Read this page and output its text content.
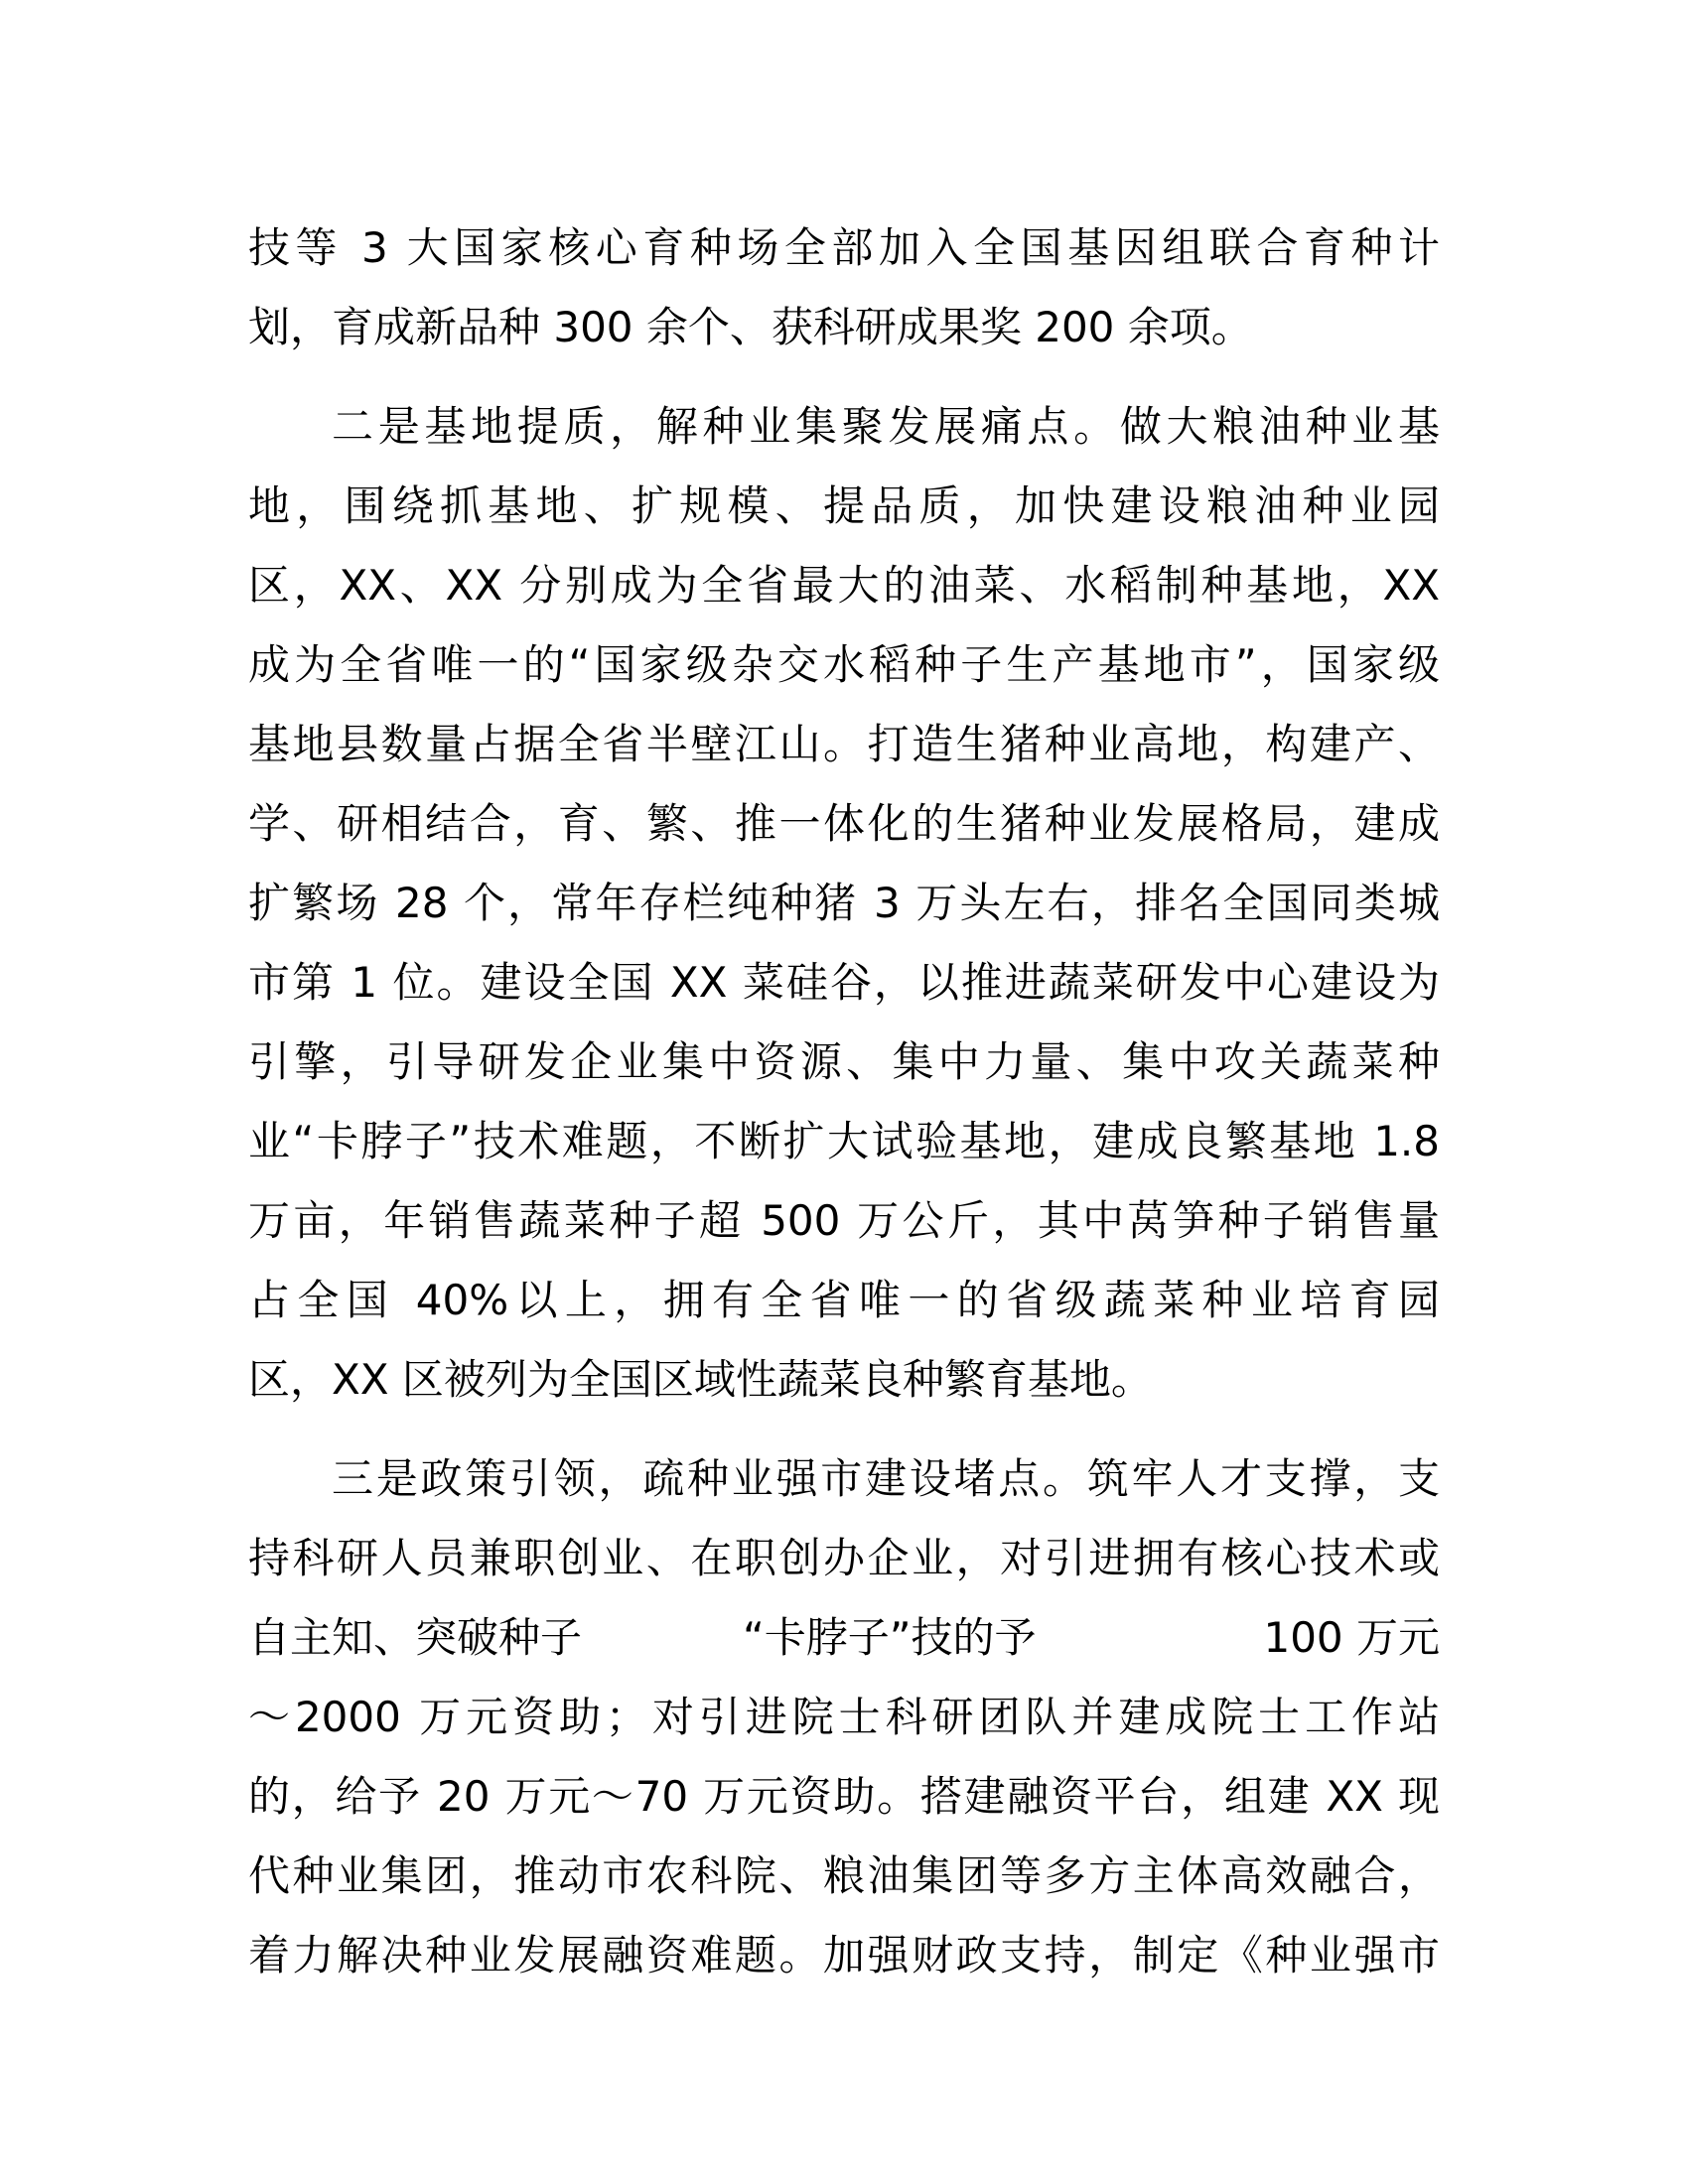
技等 3 大国家核心育种场全部加入全国基因组联合育种计
划，育成新品种 300 余个、获科研成果奖 200 余项。
二是基地提质，解种业集聚发展痛点。做大粮油种业基
地，围绕抓基地、扩规模、提品质，加快建设粮油种业园
区，XX、XX 分别成为全省最大的油菜、水稻制种基地，XX
成为全省唯一的“国家级杂交水稻种子生产基地市”，国家级
基地县数量占据全省半壁江山。打造生猪种业高地，构建产、
学、研相结合，育、繁、推一体化的生猪种业发展格局，建成
扩繁场 28 个，常年存栏纯种猪 3 万头左右，排名全国同类城
市第 1 位。建设全国 XX 菜硅谷，以推进蔬菜研发中心建设为
引擎，引导研发企业集中资源、集中力量、集中攻关蔬菜种
业“卡脖子”技术难题，不断扩大试验基地，建成良繁基地 1.8
万亩，年销售蔬菜种子超 500 万公斤，其中莴笋种子销售量
占全国 40%以上，拥有全省唯一的省级蔬菜种业培育园
区，XX 区被列为全国区域性蔬菜良种繁育基地。
三是政策引领，疏种业强市建设堵点。筑牢人才支撑，支
持科研人员兼职创业、在职创办企业，对引进拥有核心技术或
自主知、突破种子	“卡脖子”技的予	100 万元
～2000 万元资助；对引进院士科研团队并建成院士工作站
的，给予 20 万元～70 万元资助。搭建融资平台，组建 XX 现
代种业集团，推动市农科院、粮油集团等多方主体高效融合，
着力解决种业发展融资难题。加强财政支持，制定《种业强市
